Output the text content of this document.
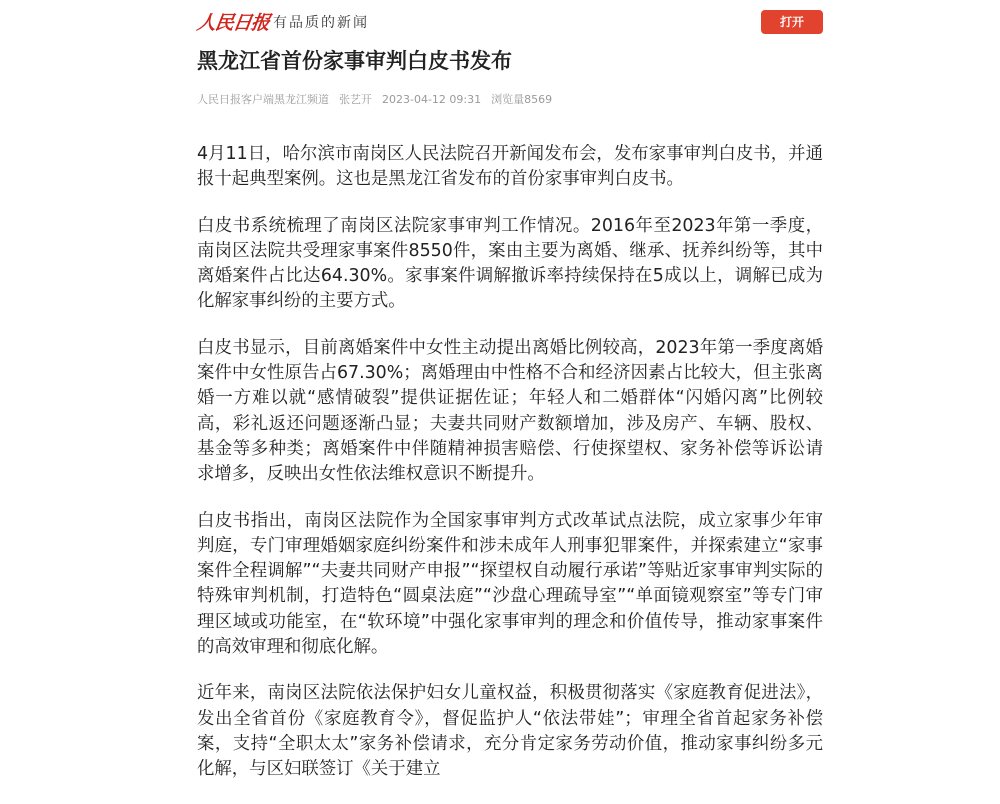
人民日报 有品质的新闻	打开
黑龙江省首份家事审判白皮书发布
人民日报客户端黑龙江频道 张艺开 2023-04-12 09:31 浏览量8569

4月11日，哈尔滨市南岗区人民法院召开新闻发布会，发布家事审判白皮书，并通报十起典型案例。这也是黑龙江省发布的首份家事审判白皮书。

白皮书系统梳理了南岗区法院家事审判工作情况。2016年至2023年第一季度，南岗区法院共受理家事案件8550件，案由主要为离婚、继承、抚养纠纷等，其中离婚案件占比达64.30%。家事案件调解撤诉率持续保持在5成以上，调解已成为化解家事纠纷的主要方式。

白皮书显示，目前离婚案件中女性主动提出离婚比例较高，2023年第一季度离婚案件中女性原告占67.30%；离婚理由中性格不合和经济因素占比较大，但主张离婚一方难以就“感情破裂”提供证据佐证；年轻人和二婚群体“闪婚闪离”比例较高，彩礼返还问题逐渐凸显；夫妻共同财产数额增加，涉及房产、车辆、股权、基金等多种类；离婚案件中伴随精神损害赔偿、行使探望权、家务补偿等诉讼请求增多，反映出女性依法维权意识不断提升。

白皮书指出，南岗区法院作为全国家事审判方式改革试点法院，成立家事少年审判庭，专门审理婚姻家庭纠纷案件和涉未成年人刑事犯罪案件，并探索建立“家事案件全程调解”“夫妻共同财产申报”“探望权自动履行承诺”等贴近家事审判实际的特殊审判机制，打造特色“圆桌法庭”“沙盘心理疏导室”“单面镜观察室”等专门审理区域或功能室，在“软环境”中强化家事审判的理念和价值传导，推动家事案件的高效审理和彻底化解。

近年来，南岗区法院依法保护妇女儿童权益，积极贯彻落实《家庭教育促进法》，发出全省首份《家庭教育令》，督促监护人“依法带娃”；审理全省首起家务补偿案，支持“全职太太”家务补偿请求，充分肯定家务劳动价值，推动家事纠纷多元化解，与区妇联签订《关于建立
